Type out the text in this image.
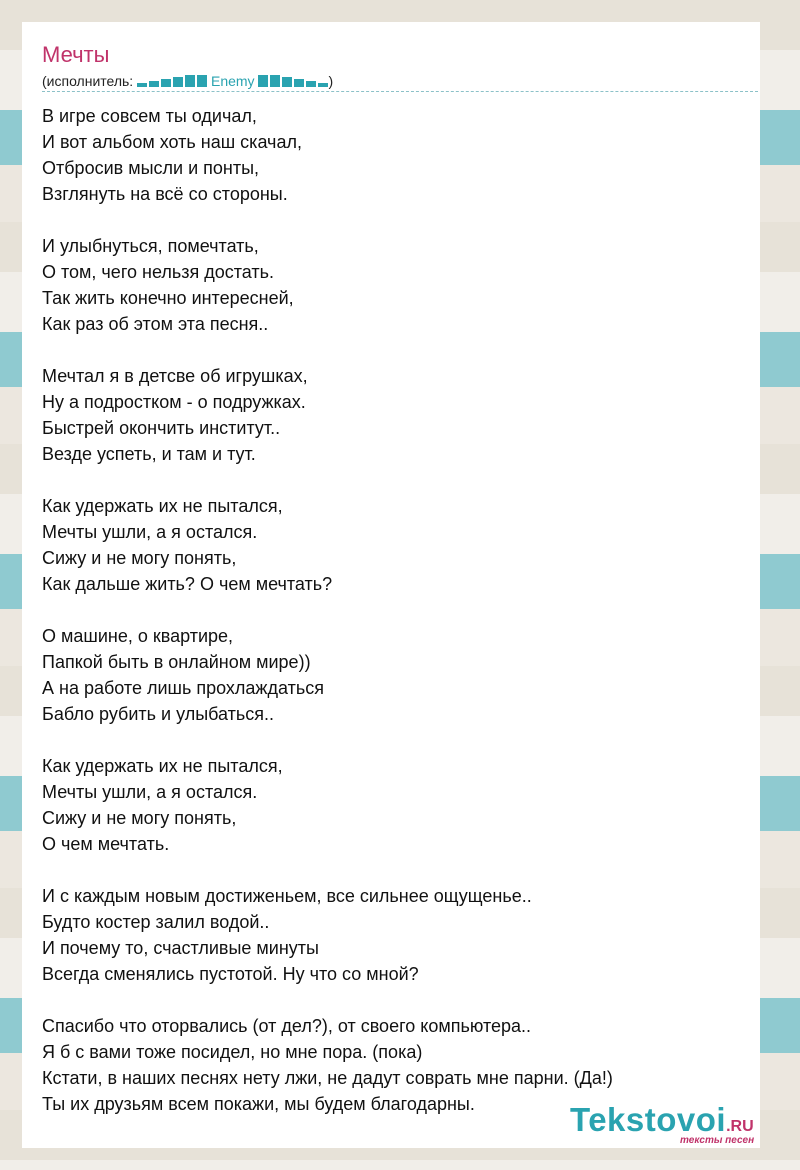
Мечты
(исполнитель:	Enemy	)
В игре совсем ты одичал,
И вот альбом хоть наш скачал,
Отбросив мысли и понты,
Взглянуть на всё со стороны.
И улыбнуться, помечтать,
О том, чего нельзя достать.
Так жить конечно интересней,
Как раз об этом эта песня..
Мечтал я в детсве об игрушках,
Ну а подростком - о подружках.
Быстрей окончить институт..
Везде успеть, и там и тут.
Как удержать их не пытался,
Мечты ушли, а я остался.
Сижу и не могу понять,
Как дальше жить? О чем мечтать?
О машине, о квартире,
Папкой быть в онлайном мире))
А на работе лишь прохлаждаться
Бабло рубить и улыбаться..
Как удержать их не пытался,
Мечты ушли, а я остался.
Сижу и не могу понять,
О чем мечтать.
И с каждым новым достиженьем, все сильнее ощущенье..
Будто костер залил водой..
И почему то, счастливые минуты
Всегда сменялись пустотой. Ну что со мной?
Спасибо что оторвались (от дел?), от своего компьютера..
Я б с вами тоже посидел, но мне пора. (пока)
Кстати, в наших песнях нету лжи, не дадут соврать мне парни. (Да!)
Ты их друзьям всем покажи, мы будем благодарны.	Tekstovoi.RU
тексты песен
